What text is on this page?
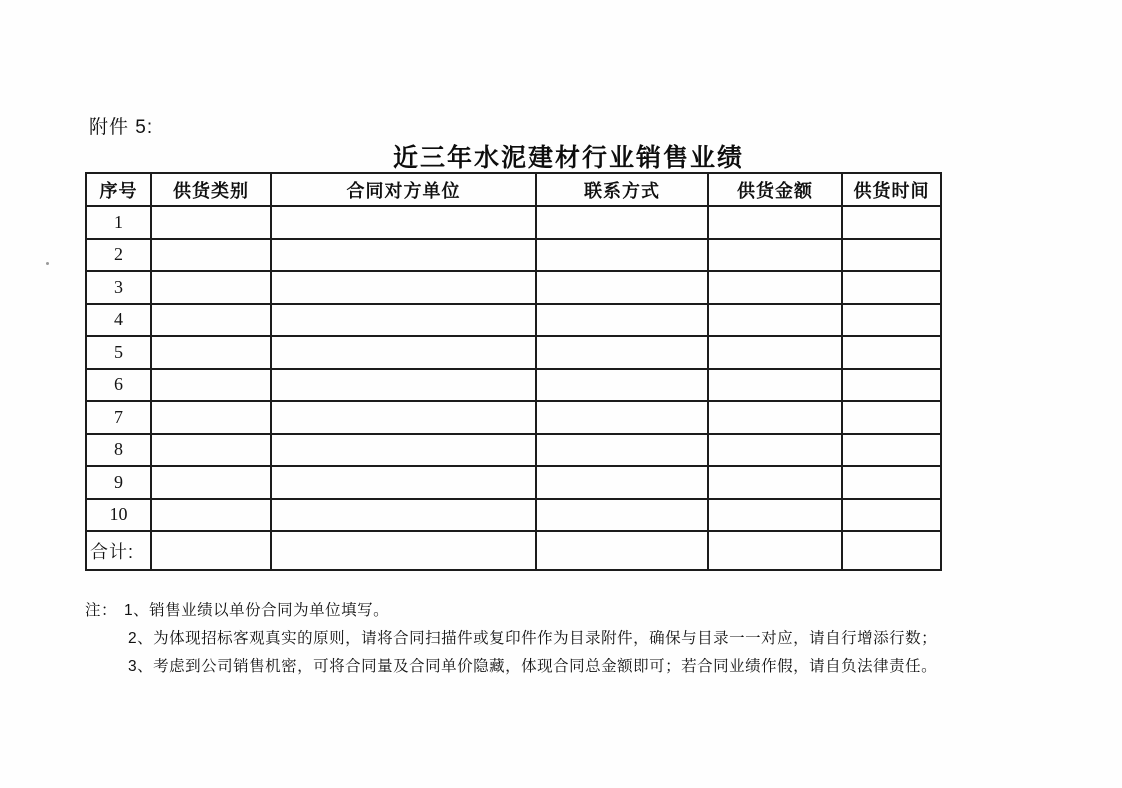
附件 5:
近三年水泥建材行业销售业绩
序号	供货类别	合同对方单位	联系方式	供货金额	供货时间
1					
2					
3					
4					
5					
6					
7					
8					
9					
10					
合计:					
注： 1、销售业绩以单份合同为单位填写。
2、为体现招标客观真实的原则，请将合同扫描件或复印件作为目录附件，确保与目录一一对应，请自行增添行数；
3、考虑到公司销售机密，可将合同量及合同单价隐藏，体现合同总金额即可；若合同业绩作假，请自负法律责任。
